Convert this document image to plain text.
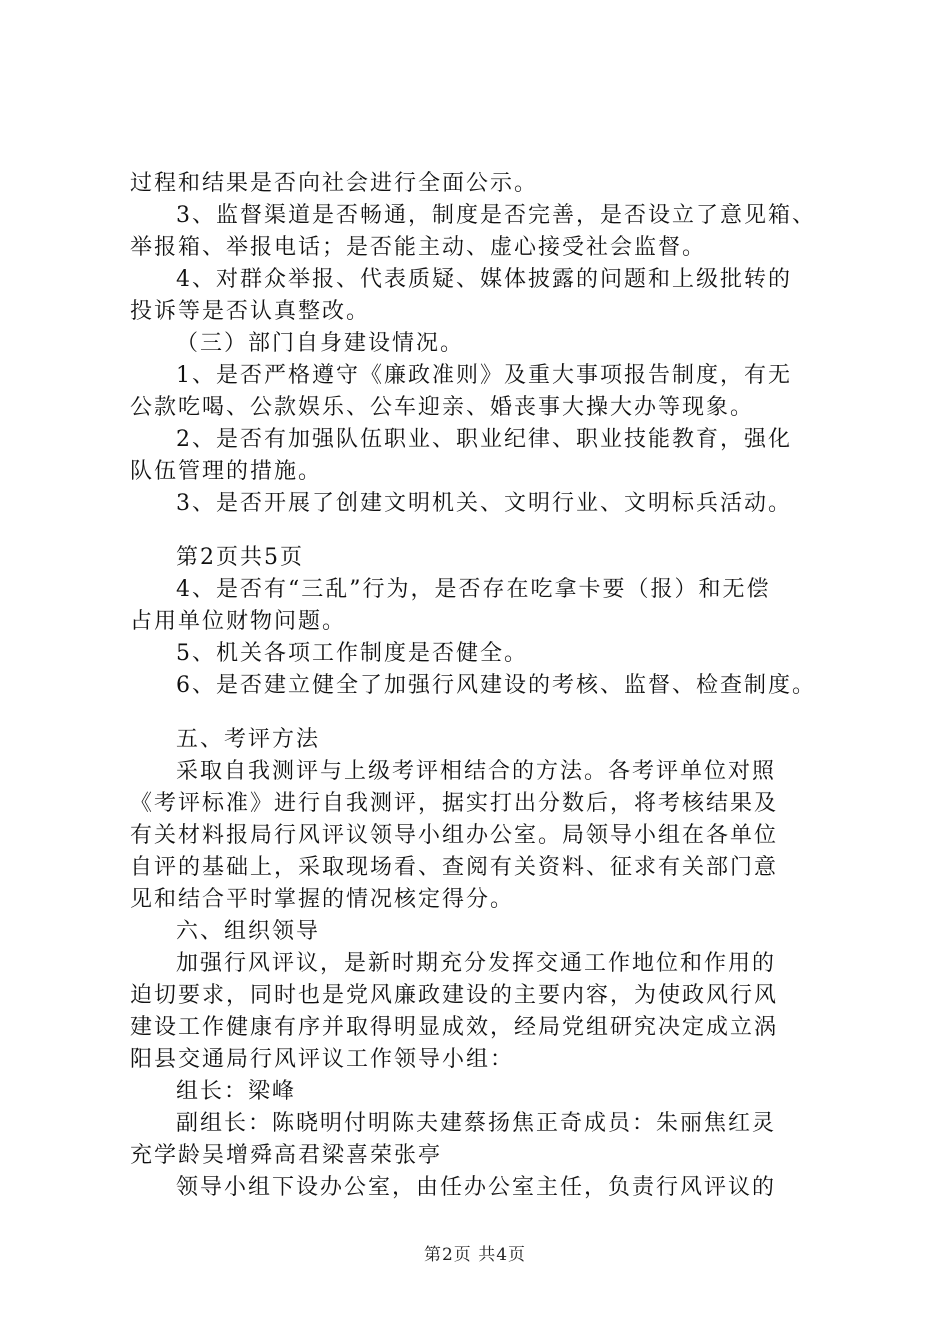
过程和结果是否向社会进行全面公示。
3、监督渠道是否畅通，制度是否完善，是否设立了意见箱、
举报箱、举报电话；是否能主动、虚心接受社会监督。
4、对群众举报、代表质疑、媒体披露的问题和上级批转的
投诉等是否认真整改。
（三）部门自身建设情况。
1、是否严格遵守《廉政准则》及重大事项报告制度，有无
公款吃喝、公款娱乐、公车迎亲、婚丧事大操大办等现象。
2、是否有加强队伍职业、职业纪律、职业技能教育，强化
队伍管理的措施。
3、是否开展了创建文明机关、文明行业、文明标兵活动。
第2页共5页
4、是否有“三乱”行为，是否存在吃拿卡要（报）和无偿
占用单位财物问题。
5、机关各项工作制度是否健全。
6、是否建立健全了加强行风建设的考核、监督、检查制度。
五、考评方法
采取自我测评与上级考评相结合的方法。各考评单位对照
《考评标准》进行自我测评，据实打出分数后，将考核结果及
有关材料报局行风评议领导小组办公室。局领导小组在各单位
自评的基础上，采取现场看、查阅有关资料、征求有关部门意
见和结合平时掌握的情况核定得分。
六、组织领导
加强行风评议，是新时期充分发挥交通工作地位和作用的
迫切要求，同时也是党风廉政建设的主要内容，为使政风行风
建设工作健康有序并取得明显成效，经局党组研究决定成立涡
阳县交通局行风评议工作领导小组：
组长：梁峰
副组长：陈晓明付明陈夫建蔡扬焦正奇成员：朱丽焦红灵
充学龄吴增舜高君梁喜荣张亭
领导小组下设办公室，由任办公室主任，负责行风评议的
第2页 共4页
